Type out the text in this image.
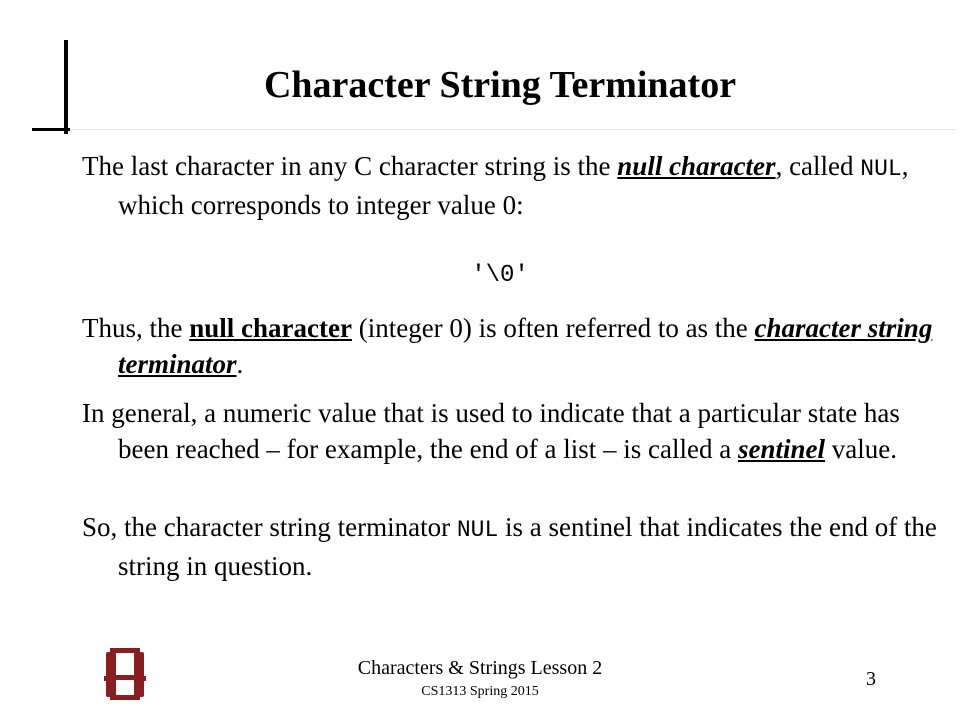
Character String Terminator
The last character in any C character string is the null character, called NUL, which corresponds to integer value 0:
'\0'
Thus, the null character (integer 0) is often referred to as the character string terminator.
In general, a numeric value that is used to indicate that a particular state has been reached – for example, the end of a list – is called a sentinel value.
So, the character string terminator NUL is a sentinel that indicates the end of the string in question.
Characters & Strings Lesson 2
CS1313 Spring 2015
3
